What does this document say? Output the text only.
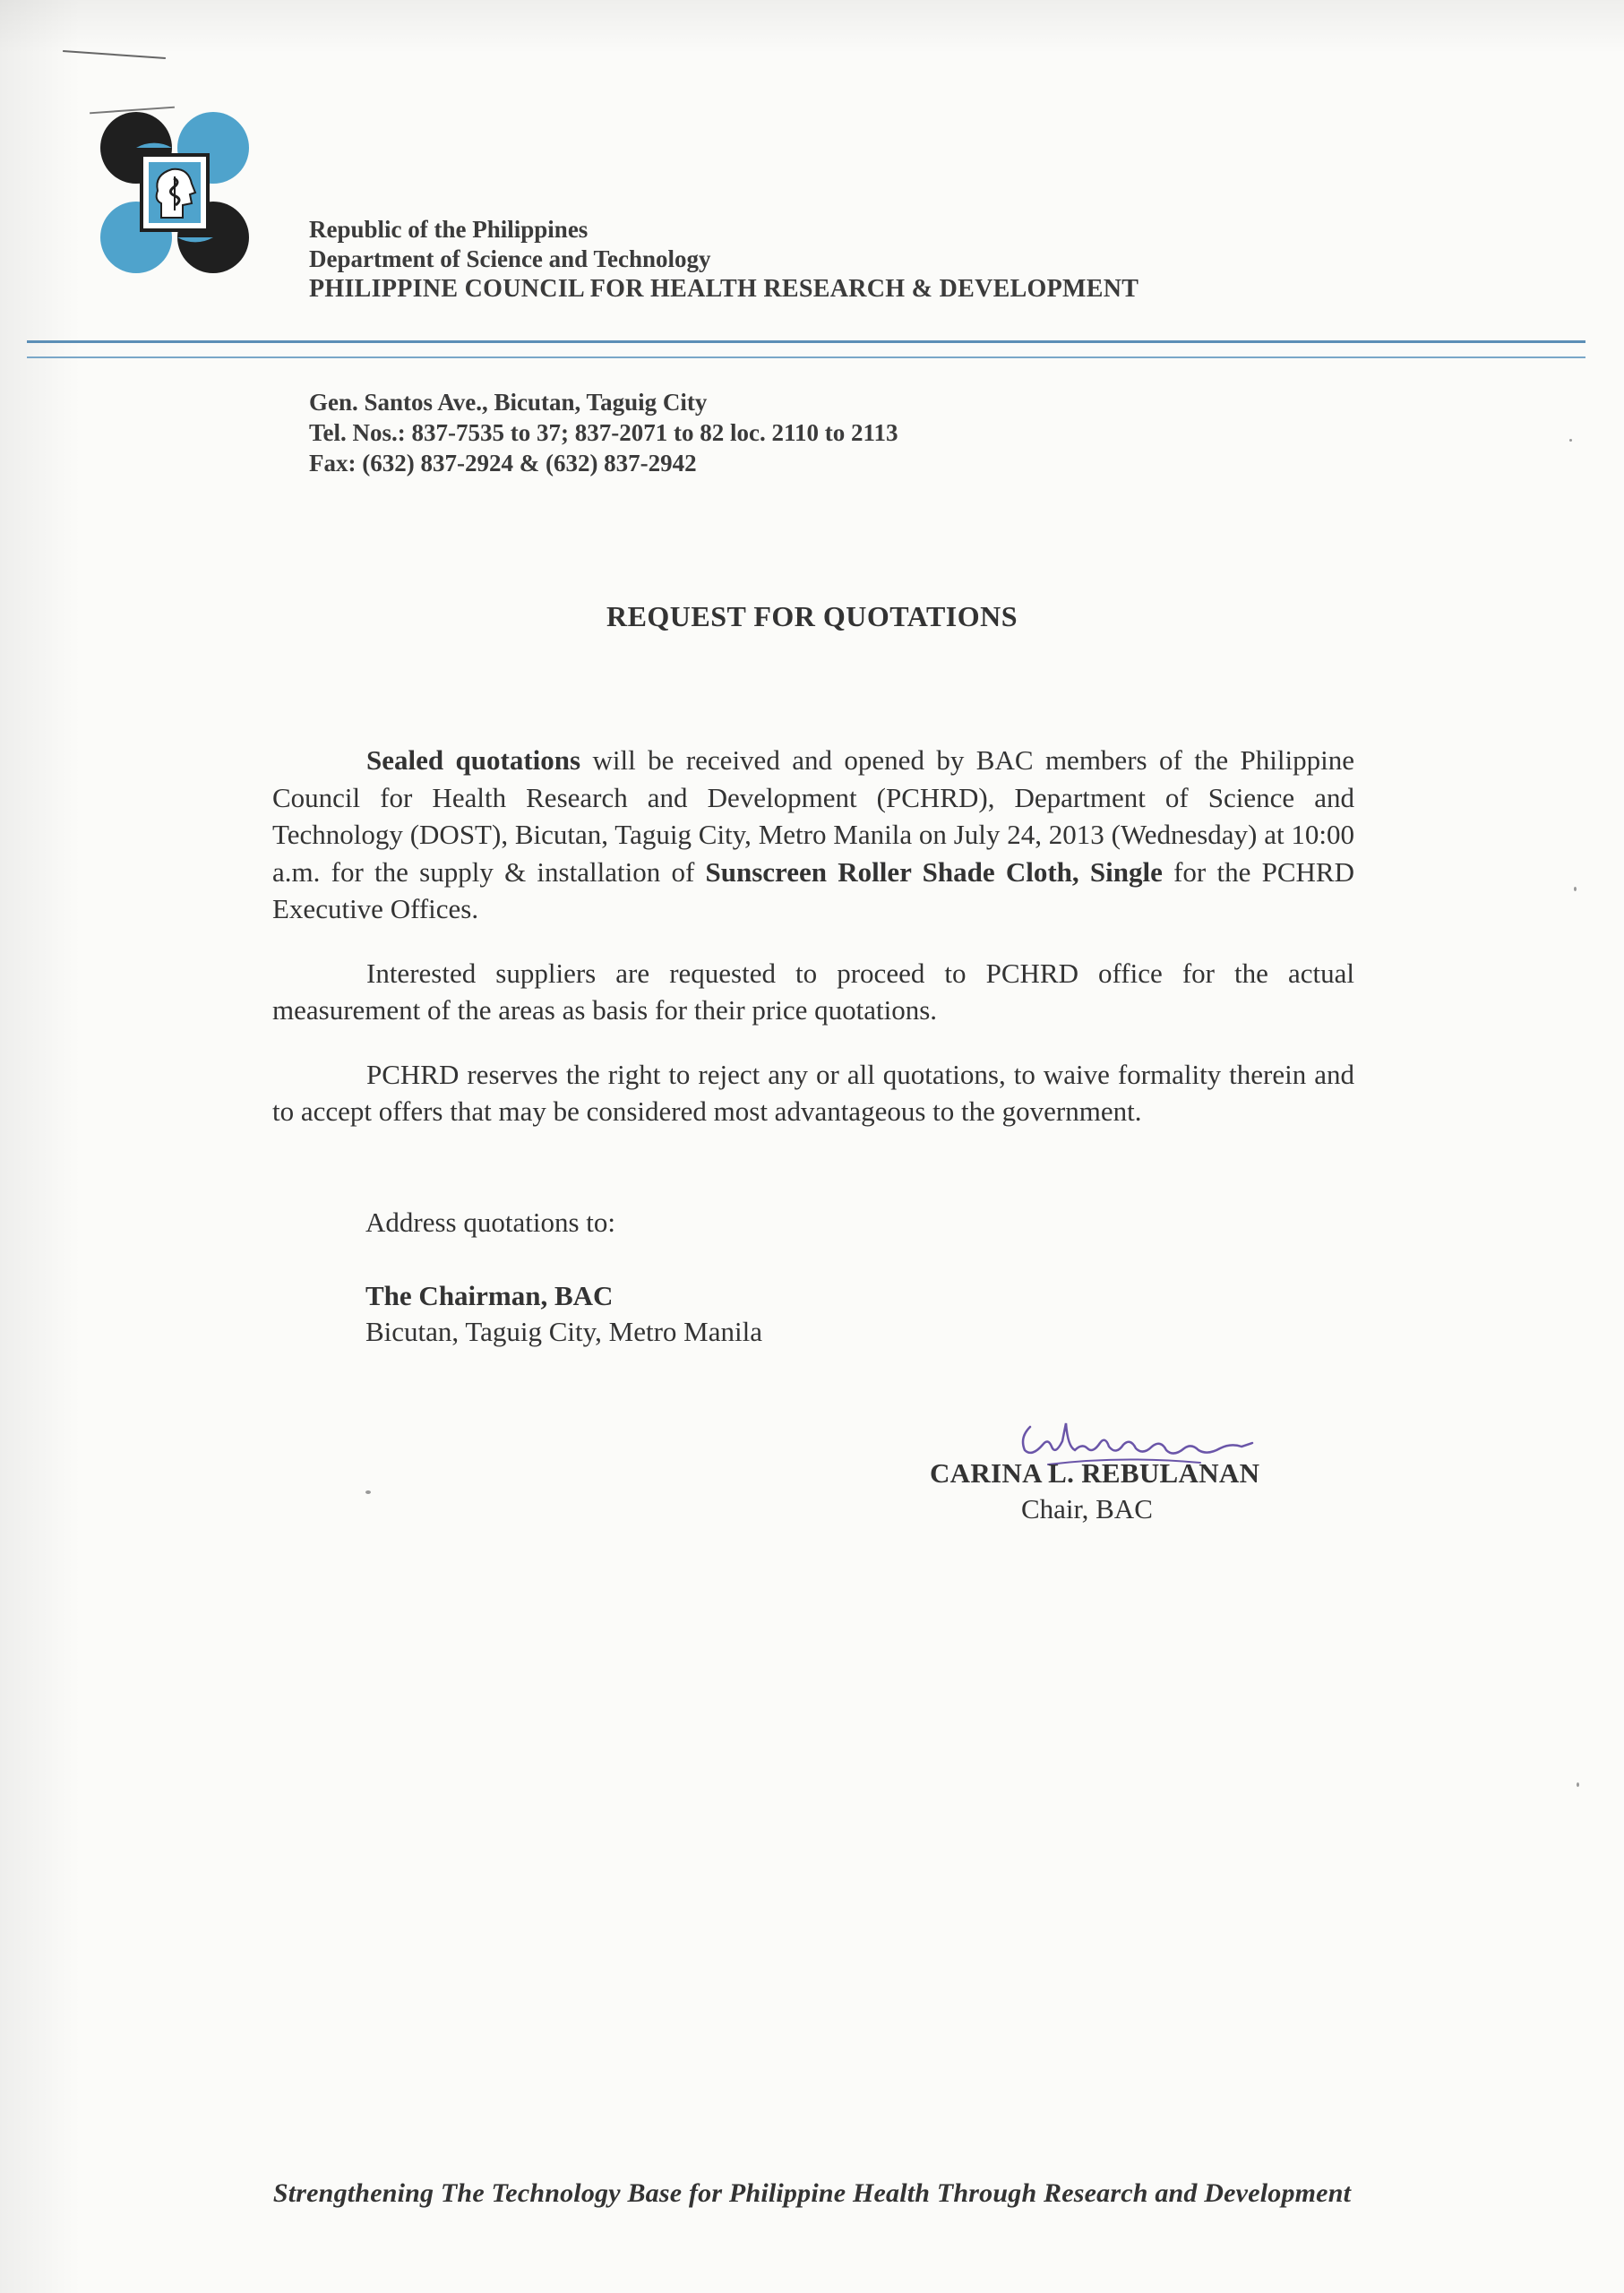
Republic of the Philippines
Department of Science and Technology
PHILIPPINE COUNCIL FOR HEALTH RESEARCH & DEVELOPMENT
Gen. Santos Ave., Bicutan, Taguig City
Tel. Nos.: 837-7535 to 37; 837-2071 to 82 loc. 2110 to 2113
Fax: (632) 837-2924 & (632) 837-2942
REQUEST FOR QUOTATIONS

Sealed quotations will be received and opened by BAC members of the Philippine Council for Health Research and Development (PCHRD), Department of Science and Technology (DOST), Bicutan, Taguig City, Metro Manila on July 24, 2013 (Wednesday) at 10:00 a.m. for the supply & installation of Sunscreen Roller Shade Cloth, Single for the PCHRD Executive Offices.

Interested suppliers are requested to proceed to PCHRD office for the actual measurement of the areas as basis for their price quotations.

PCHRD reserves the right to reject any or all quotations, to waive formality therein and to accept offers that may be considered most advantageous to the government.

Address quotations to:
The Chairman, BAC
Bicutan, Taguig City, Metro Manila
CARINA L. REBULANAN
Chair, BAC
Strengthening The Technology Base for Philippine Health Through Research and Development
